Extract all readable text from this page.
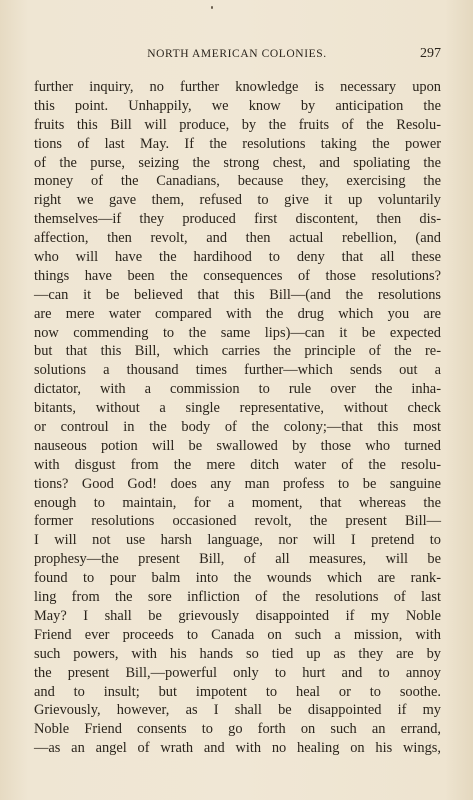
NORTH AMERICAN COLONIES.	297
further inquiry, no further knowledge is necessary upon
this point. Unhappily, we know by anticipation the
fruits this Bill will produce, by the fruits of the Resolu-
tions of last May. If the resolutions taking the power
of the purse, seizing the strong chest, and spoliating the
money of the Canadians, because they, exercising the
right we gave them, refused to give it up voluntarily
themselves—if they produced first discontent, then dis-
affection, then revolt, and then actual rebellion, (and
who will have the hardihood to deny that all these
things have been the consequences of those resolutions?
—can it be believed that this Bill—(and the resolutions
are mere water compared with the drug which you are
now commending to the same lips)—can it be expected
but that this Bill, which carries the principle of the re-
solutions a thousand times further—which sends out a
dictator, with a commission to rule over the inha-
bitants, without a single representative, without check
or controul in the body of the colony;—that this most
nauseous potion will be swallowed by those who turned
with disgust from the mere ditch water of the resolu-
tions? Good God! does any man profess to be sanguine
enough to maintain, for a moment, that whereas the
former resolutions occasioned revolt, the present Bill—
I will not use harsh language, nor will I pretend to
prophesy—the present Bill, of all measures, will be
found to pour balm into the wounds which are rank-
ling from the sore infliction of the resolutions of last
May? I shall be grievously disappointed if my Noble
Friend ever proceeds to Canada on such a mission, with
such powers, with his hands so tied up as they are by
the present Bill,—powerful only to hurt and to annoy
and to insult; but impotent to heal or to soothe.
Grievously, however, as I shall be disappointed if my
Noble Friend consents to go forth on such an errand,
—as an angel of wrath and with no healing on his wings,
